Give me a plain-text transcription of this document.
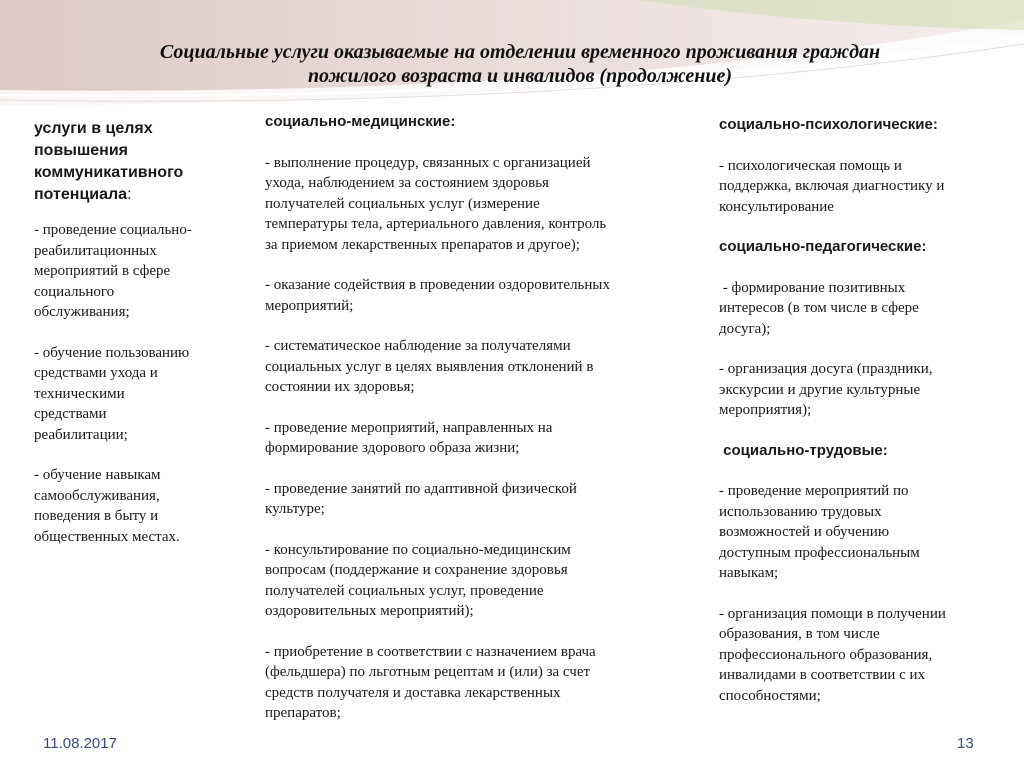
Социальные услуги оказываемые на отделении временного проживания граждан
пожилого возраста и инвалидов (продолжение)
услуги в целях
повышения
коммуникативного
потенциала:
- проведение социально-
реабилитационных
мероприятий в сфере
социального
обслуживания;
- обучение пользованию
средствами ухода и
техническими
средствами
реабилитации;
- обучение навыкам
самообслуживания,
поведения в быту и
общественных местах.
социально-медицинские:
- выполнение процедур, связанных с организацией
ухода, наблюдением за состоянием здоровья
получателей социальных услуг (измерение
температуры тела, артериального давления, контроль
за приемом лекарственных препаратов и другое);
- оказание содействия в проведении оздоровительных
мероприятий;
- систематическое наблюдение за получателями
социальных услуг в целях выявления отклонений в
состоянии их здоровья;
- проведение мероприятий, направленных на
формирование здорового образа жизни;
- проведение занятий по адаптивной физической
культуре;
- консультирование по социально-медицинским
вопросам (поддержание и сохранение здоровья
получателей социальных услуг, проведение
оздоровительных мероприятий);
- приобретение в соответствии с назначением врача
(фельдшера) по льготным рецептам и (или) за счет
средств получателя и доставка лекарственных
препаратов;
социально-психологические:
- психологическая помощь и
поддержка, включая диагностику и
консультирование
социально-педагогические:
- формирование позитивных
интересов (в том числе в сфере
досуга);
- организация досуга (праздники,
экскурсии и другие культурные
мероприятия);
социально-трудовые:
- проведение мероприятий по
использованию трудовых
возможностей и обучению
доступным профессиональным
навыкам;
- организация помощи в получении
образования, в том числе
профессионального образования,
инвалидами в соответствии с их
способностями;
11.08.2017	13
